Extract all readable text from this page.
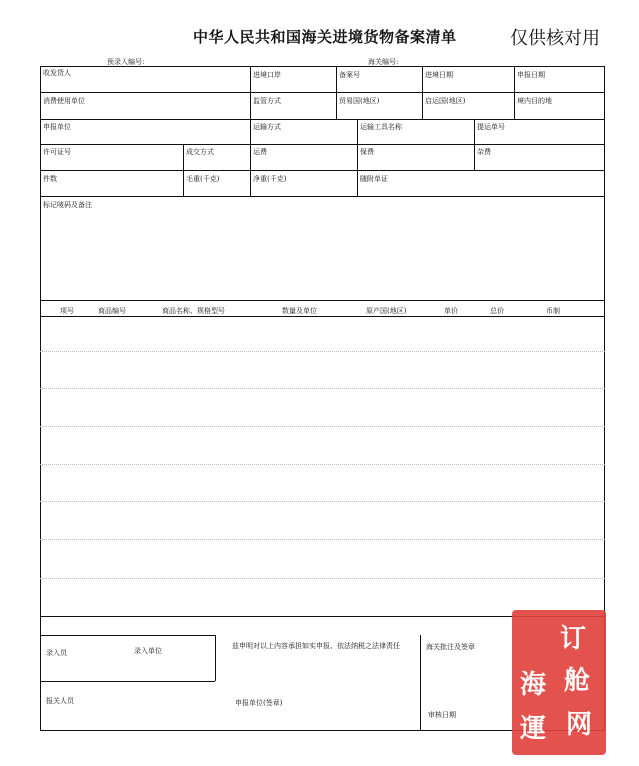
中华人民共和国海关进境货物备案清单	仅供核对用
预录入编号:	海关编号:
收发货人	进境口岸	备案号	进境日期	申报日期
消费使用单位	监管方式	贸易国(地区)	启运国(地区)	境内目的地
申报单位	运输方式	运输工具名称	提运单号
许可证号	成交方式	运费	保费	杂费
件数	毛重(千克)	净重(千克)	随附单证
标记唛码及备注
项号	商品编号	商品名称、规格型号	数量及单位	原产国(地区)	单价	总价	币制
录入员	录入单位
兹申明对以上内容承担如实申报、依法纳税之法律责任	海关批注及签章
报关人员	申报单位(签章)
审核日期
订
舱
海
運 网
